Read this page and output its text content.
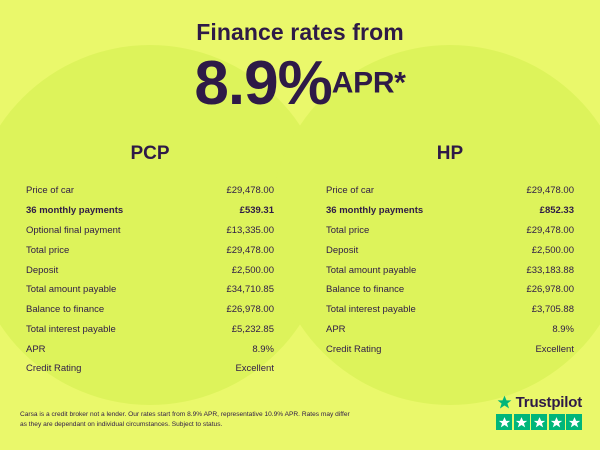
Finance rates from
8.9%APR*
PCP
Price of car	£29,478.00
36 monthly payments	£539.31
Optional final payment	£13,335.00
Total price	£29,478.00
Deposit	£2,500.00
Total amount payable	£34,710.85
Balance to finance	£26,978.00
Total interest payable	£5,232.85
APR	8.9%
Credit Rating	Excellent
HP
Price of car	£29,478.00
36 monthly payments	£852.33
Total price	£29,478.00
Deposit	£2,500.00
Total amount payable	£33,183.88
Balance to finance	£26,978.00
Total interest payable	£3,705.88
APR	8.9%
Credit Rating	Excellent
Carsa is a credit broker not a lender. Our rates start from 8.9% APR, representative 10.9% APR. Rates may differ as they are dependant on individual circumstances. Subject to status.
Trustpilot
